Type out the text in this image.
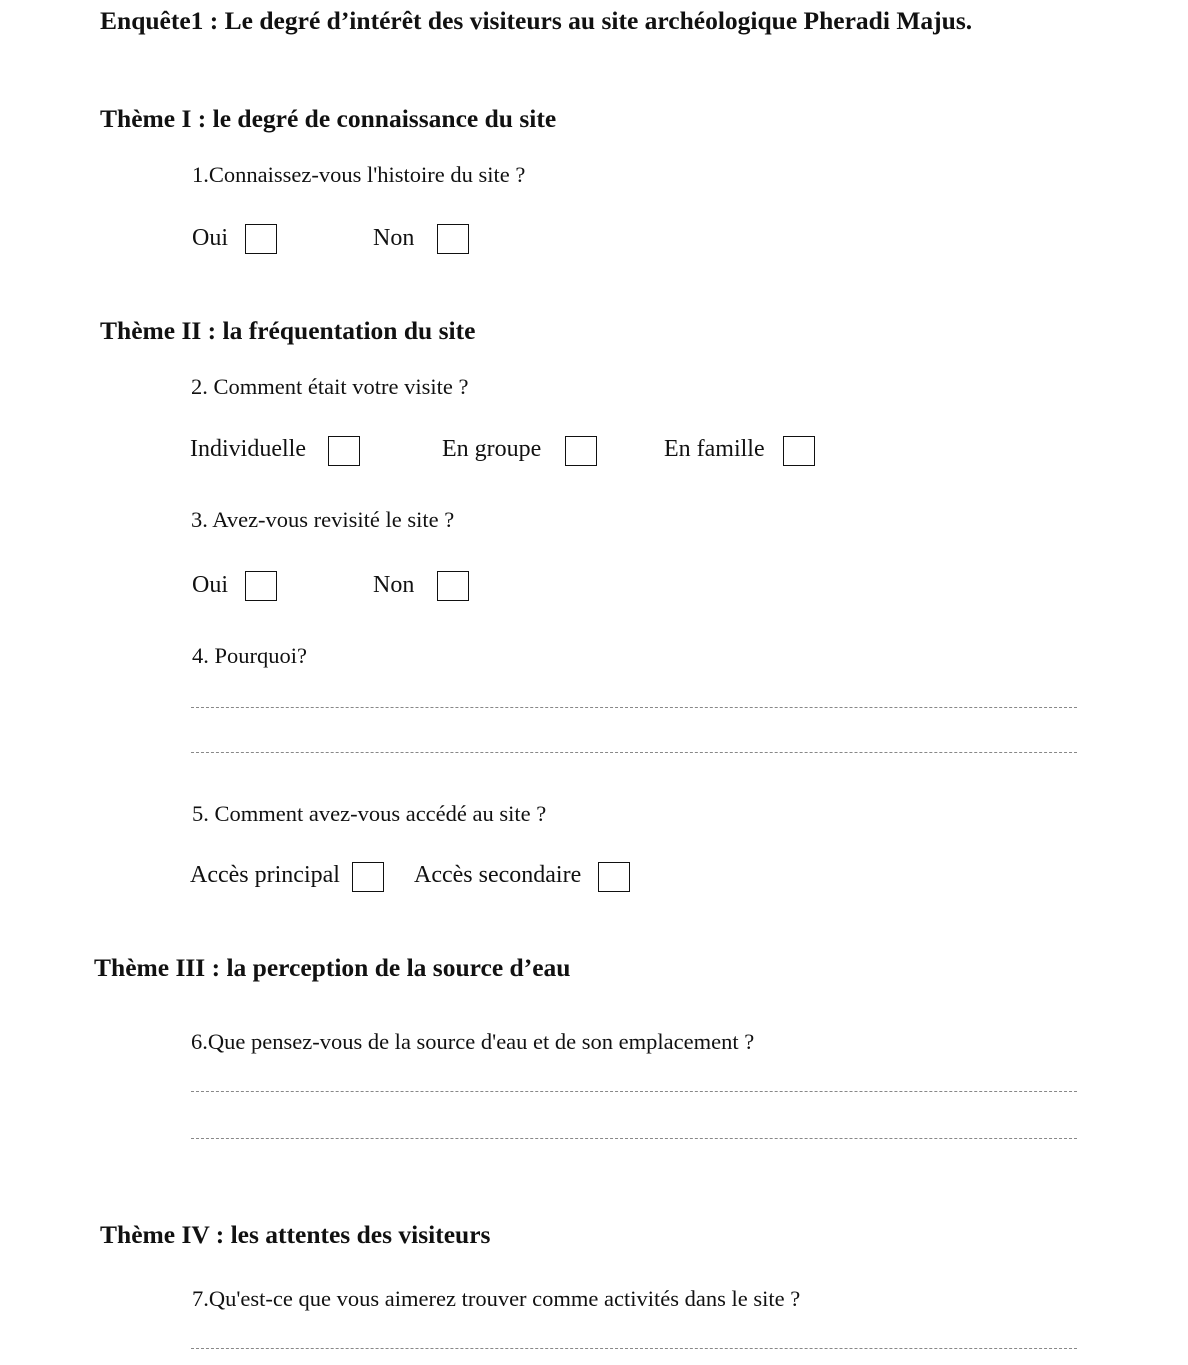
Enquête1 : Le degré d’intérêt des visiteurs au site archéologique Pheradi Majus.
Thème I : le degré de connaissance du site
1.Connaissez-vous l'histoire du site ?
Oui	Non
Thème II : la fréquentation du site
2. Comment était votre visite ?
Individuelle	En groupe	En famille
3. Avez-vous revisité le site ?
Oui	Non
4. Pourquoi?
5. Comment avez-vous accédé au site ?
Accès principal	Accès secondaire
Thème III : la perception de la source d’eau
6.Que pensez-vous de la source d'eau et de son emplacement ?
Thème IV : les attentes des visiteurs
7.Qu'est-ce que vous aimerez trouver comme activités dans le site ?
